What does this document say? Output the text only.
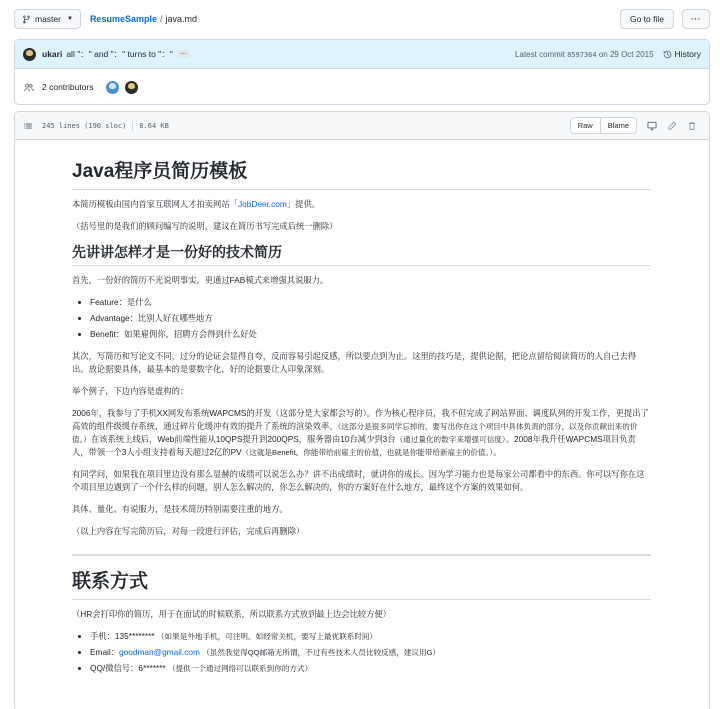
master ▼ ResumeSample / java.md	Go to file	⋯
ukari all "：" and "：" turns to "："	…	Latest commit 8597364 on 29 Oct 2015 History
2 contributors
245 lines (190 sloc) 8.64 KB	Raw	Blame
Java程序员简历模板

本简历模板由国内首家互联网人才拍卖网站「JobDeer.com」提供。

（括号里的是我们的顾问编写的说明，建议在简历书写完成后统一删除）

先讲讲怎样才是一份好的技术简历

首先，一份好的简历不光说明事实，更通过FAB模式来增强其说服力。

• Feature：是什么
• Advantage：比别人好在哪些地方
• Benefit：如果雇佣你，招聘方会得到什么好处

其次，写简历和写论文不同，过分的论证会显得自夸，反而容易引起反感，所以要点到为止。这里的技巧是，提供论据，把论点留给阅读简历的人自己去得出。放论据要具体，最基本的是要数字化，好的论据要让人印象深刻。

举个例子，下边内容是虚构的：

2006年，我参与了手机XX网发布系统WAPCMS的开发（这部分是大家都会写的）。作为核心程序员，我不但完成了网站界面、调度队列的开发工作，更提出了高效的组件级缓存系统，通过碎片化缓冲有效的提升了系统的渲染效率。（这部分是很多同学忘掉的，要写出你在这个项目中具体负责的部分，以及你贡献出来的价值。）在该系统上线后，Web前端性能从10QPS提升到200QPS，服务器由10台减少到3台（通过量化的数字来增强可信度）。2008年我升任WAPCMS项目负责人，带领一个3人小组支持着每天超过2亿的PV（这就是Benefit。你能带给前雇主的价值，也就是你能带给新雇主的价值。）。

有同学问，如果我在项目里边没有那么显赫的成绩可以说怎么办？讲不出成绩时，就讲你的成长。因为学习能力也是每家公司都看中的东西。你可以写你在这个项目里边遇到了一个什么样的问题，别人怎么解决的，你怎么解决的，你的方案好在什么地方，最终这个方案的效果如何。

具体、量化、有说服力，是技术简历特别需要注重的地方。

（以上内容在写完简历后，对每一段进行评估，完成后再删除）

联系方式

（HR会打印你的简历，用于在面试的时候联系，所以联系方式放到最上边会比较方便）

• 手机：135******** （如果是外地手机，可注明。如经常关机，要写上最优联系时间）
• Email：goodman@gmail.com （虽然我觉得QQ邮箱无所谓，不过有些技术人员比较反感，建议用G）
• QQ/微信号：6******* （提供一个通过网络可以联系到你的方式）
